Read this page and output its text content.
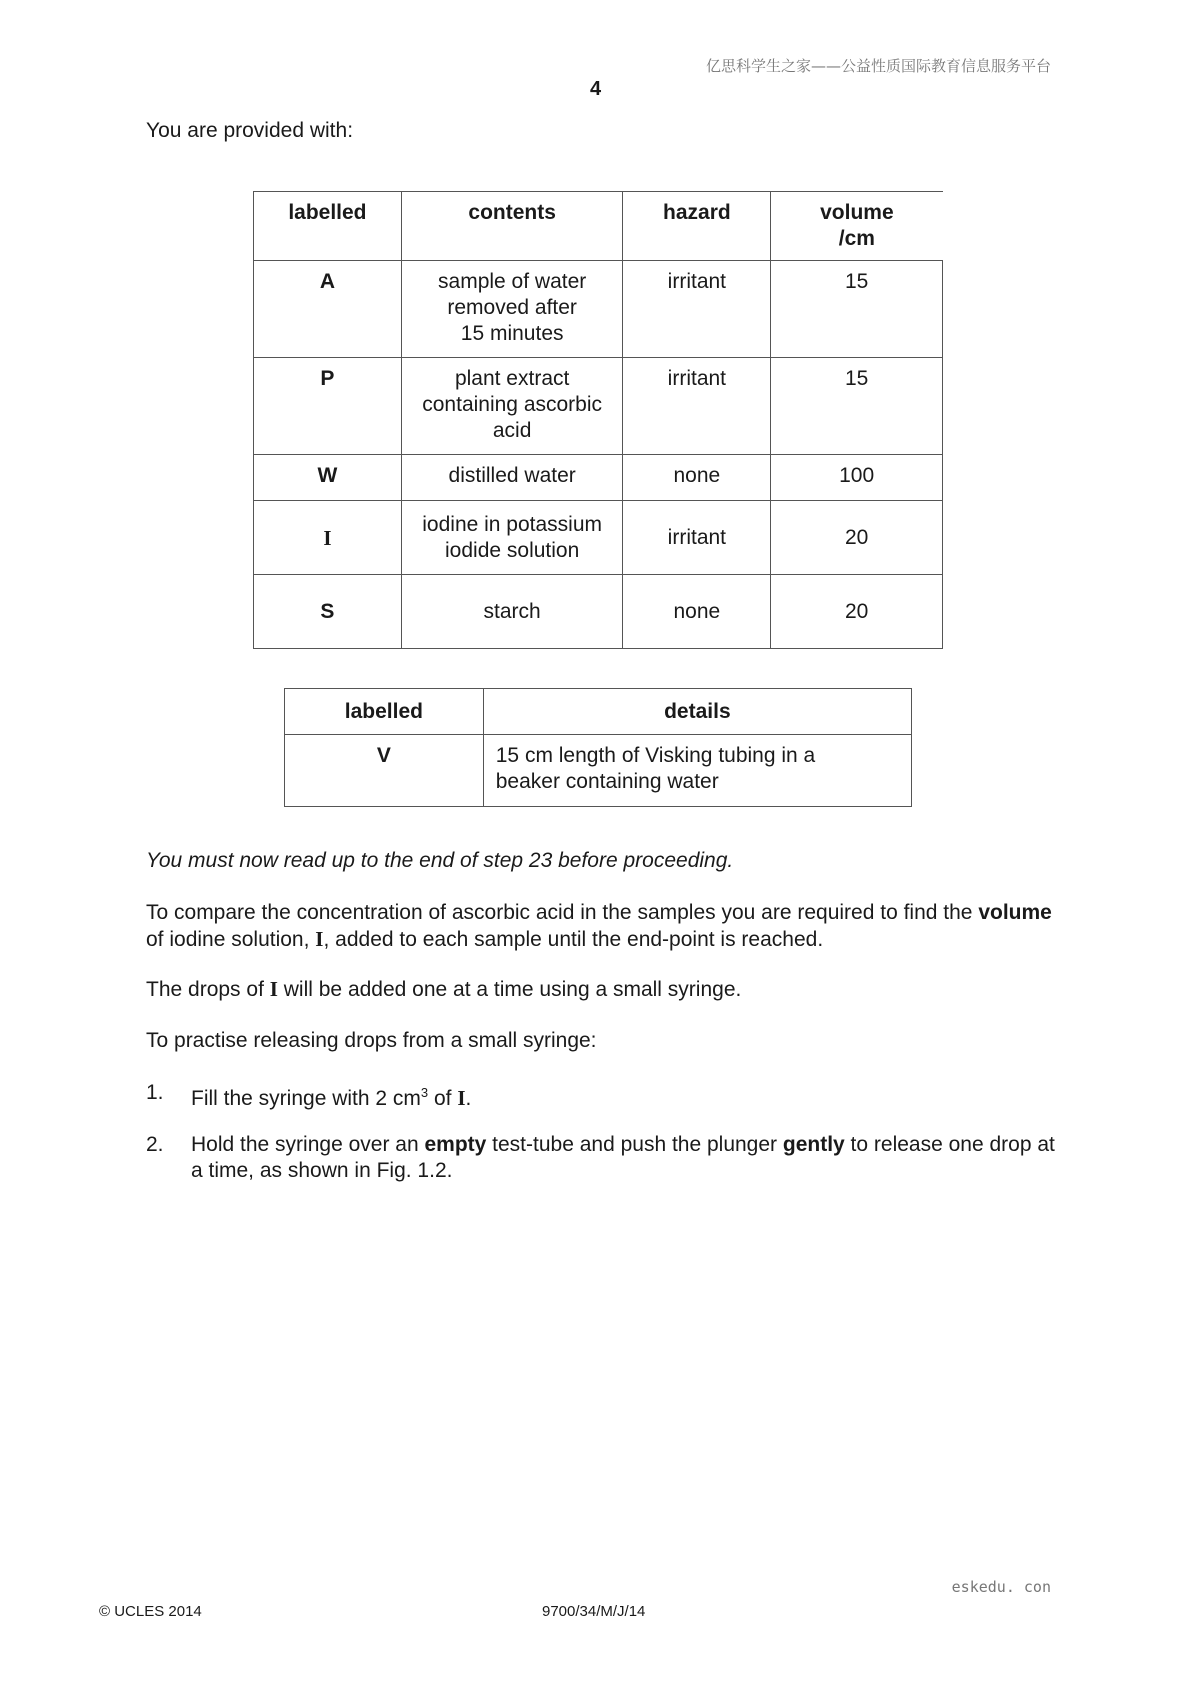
亿思科学生之家——公益性质国际教育信息服务平台
4
You are provided with:
labelled	contents	hazard	volume
/cm
A	sample of water
removed after
15 minutes	irritant	15
P	plant extract
containing ascorbic
acid	irritant	15
W	distilled water	none	100
I	iodine in potassium
iodide solution	irritant	20
S	starch	none	20
labelled	details
V	15 cm length of Visking tubing in a
beaker containing water
You must now read up to the end of step 23 before proceeding.
To compare the concentration of ascorbic acid in the samples you are required to find the volume
of iodine solution, I, added to each sample until the end-point is reached.
The drops of I will be added one at a time using a small syringe.
To practise releasing drops from a small syringe:
1. Fill the syringe with 2 $cm^3$ of I.
2. Hold the syringe over an empty test-tube and push the plunger gently to release one drop at
a time, as shown in Fig. 1.2.
eskedu. con
© UCLES 2014	9700/34/M/J/14
